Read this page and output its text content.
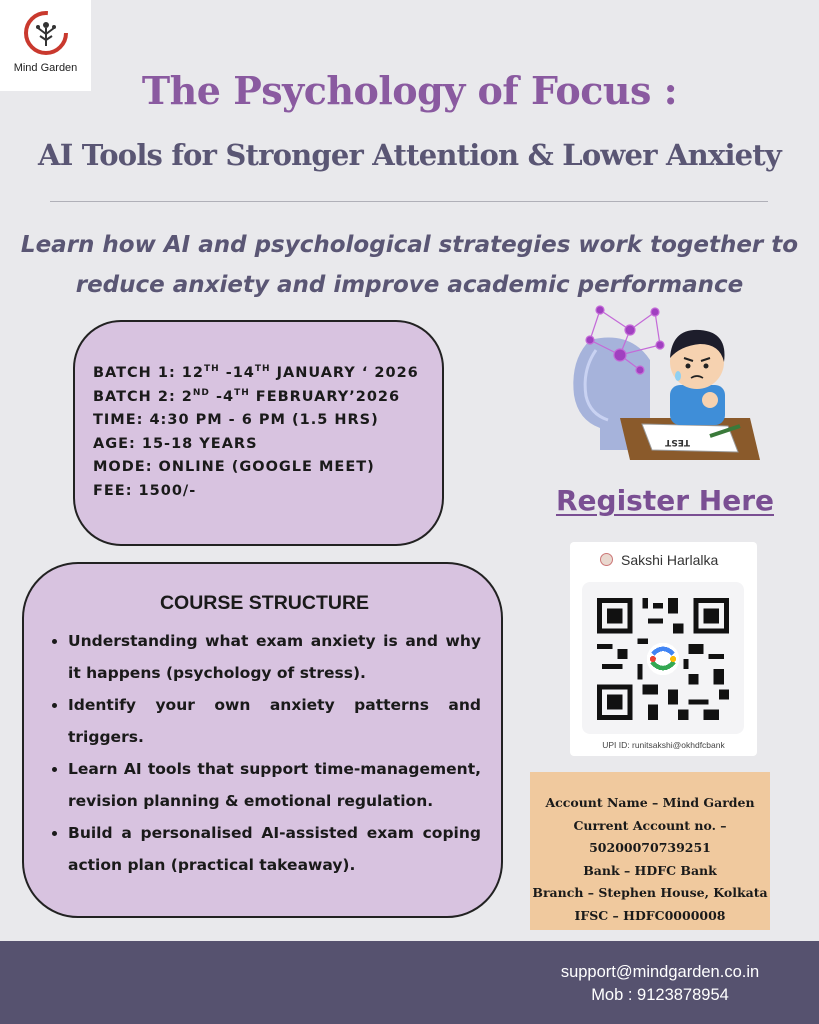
Mind Garden	The Psychology of Focus :
AI Tools for Stronger Attention & Lower Anxiety
Learn how AI and psychological strategies work together to
reduce anxiety and improve academic performance
BATCH 1: 12TH -14TH JANUARY ‘ 2026
BATCH 2: 2ND -4TH FEBRUARY’2026
TIME: 4:30 PM - 6 PM (1.5 HRS)
AGE: 15-18 YEARS
MODE: ONLINE (GOOGLE MEET)
FEE: 1500/-
COURSE STRUCTURE
• Understanding what exam anxiety is and why it happens (psychology of stress).
• Identify your own anxiety patterns and triggers.
• Learn AI tools that support time-management, revision planning & emotional regulation.
• Build a personalised AI-assisted exam coping action plan (practical takeaway).
TEST
Register Here
Sakshi Harlalka
UPI ID: runitsakshi@okhdfcbank
Account Name – Mind Garden
Current Account no. –
50200070739251
Bank – HDFC Bank
Branch – Stephen House, Kolkata
IFSC – HDFC0000008
support@mindgarden.co.in
Mob : 9123878954
